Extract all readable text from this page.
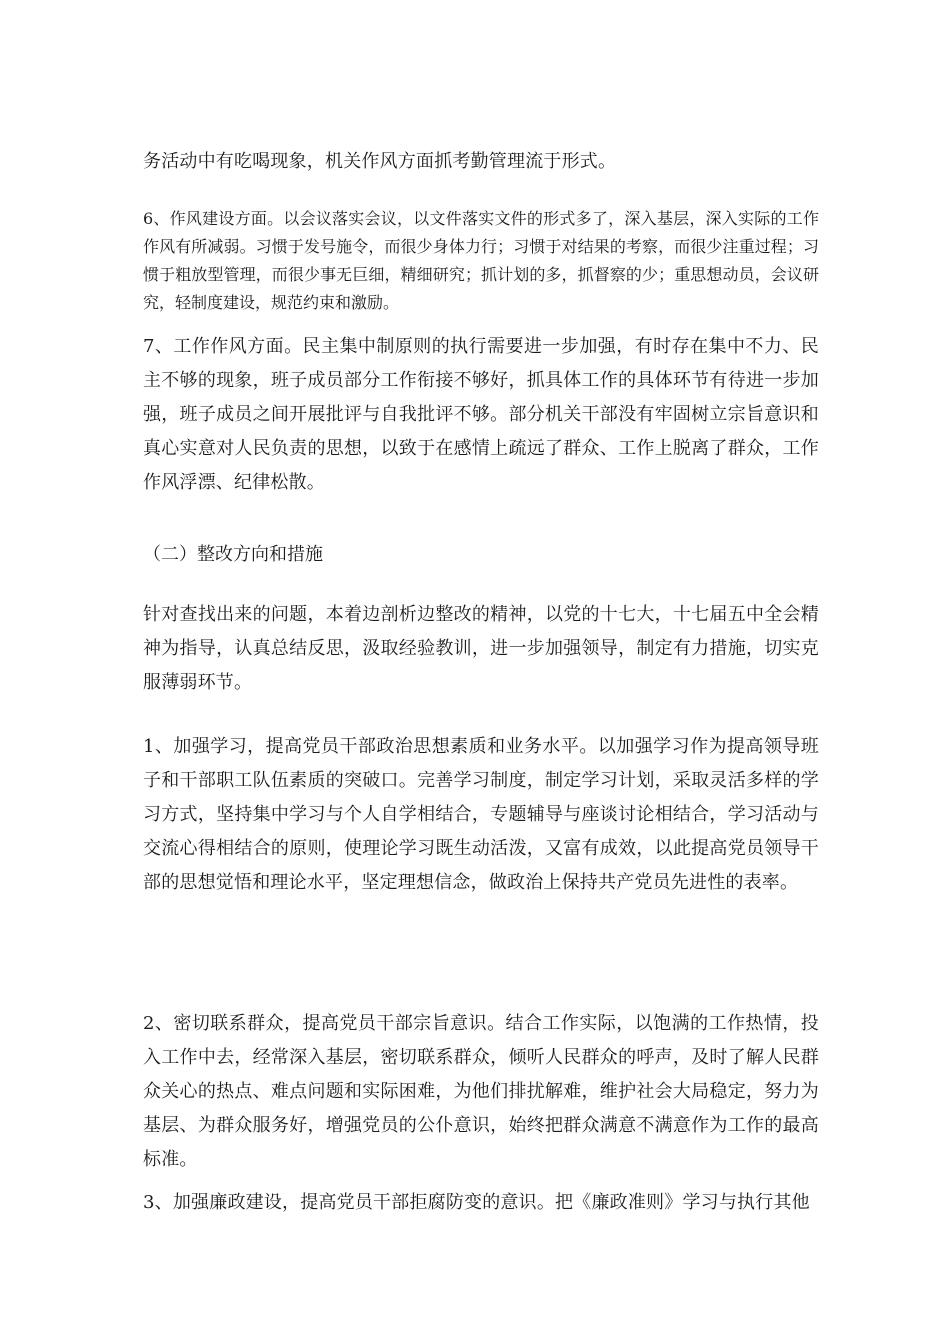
务活动中有吃喝现象，机关作风方面抓考勤管理流于形式。

6、作风建设方面。以会议落实会议，以文件落实文件的形式多了，深入基层，深入实际的工作作风有所减弱。习惯于发号施令，而很少身体力行；习惯于对结果的考察，而很少注重过程；习惯于粗放型管理，而很少事无巨细，精细研究；抓计划的多，抓督察的少；重思想动员，会议研究，轻制度建设，规范约束和激励。

7、工作作风方面。民主集中制原则的执行需要进一步加强，有时存在集中不力、民主不够的现象，班子成员部分工作衔接不够好，抓具体工作的具体环节有待进一步加强，班子成员之间开展批评与自我批评不够。部分机关干部没有牢固树立宗旨意识和真心实意对人民负责的思想，以致于在感情上疏远了群众、工作上脱离了群众，工作作风浮漂、纪律松散。

（二）整改方向和措施

针对查找出来的问题，本着边剖析边整改的精神，以党的十七大，十七届五中全会精神为指导，认真总结反思，汲取经验教训，进一步加强领导，制定有力措施，切实克服薄弱环节。

1、加强学习，提高党员干部政治思想素质和业务水平。以加强学习作为提高领导班子和干部职工队伍素质的突破口。完善学习制度，制定学习计划，采取灵活多样的学习方式，坚持集中学习与个人自学相结合，专题辅导与座谈讨论相结合，学习活动与交流心得相结合的原则，使理论学习既生动活泼，又富有成效，以此提高党员领导干部的思想觉悟和理论水平，坚定理想信念，做政治上保持共产党员先进性的表率。

2、密切联系群众，提高党员干部宗旨意识。结合工作实际，以饱满的工作热情，投入工作中去，经常深入基层，密切联系群众，倾听人民群众的呼声，及时了解人民群众关心的热点、难点问题和实际困难，为他们排扰解难，维护社会大局稳定，努力为基层、为群众服务好，增强党员的公仆意识，始终把群众满意不满意作为工作的最高标准。

3、加强廉政建设，提高党员干部拒腐防变的意识。把《廉政准则》学习与执行其他
